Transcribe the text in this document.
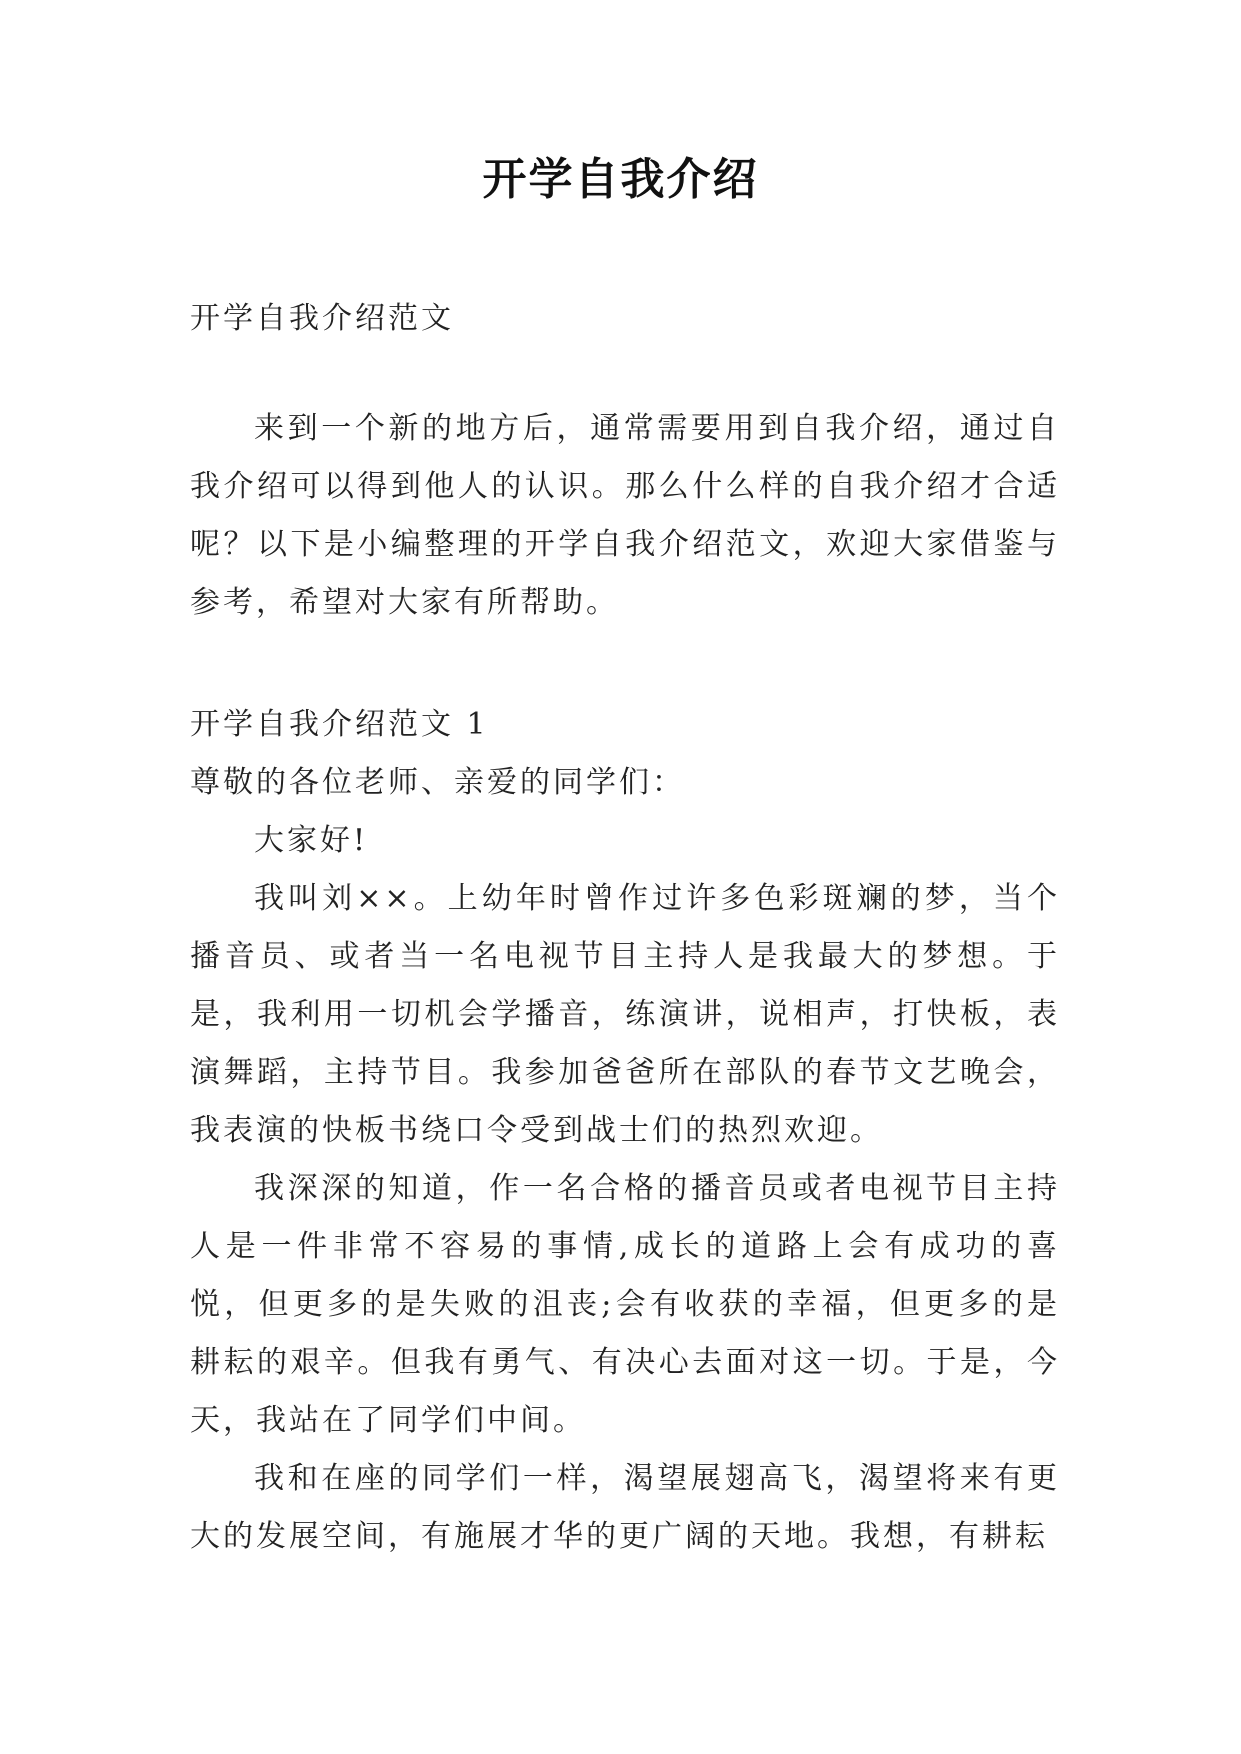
开学自我介绍
开学自我介绍范文
来到一个新的地方后，通常需要用到自我介绍，通过自我介绍可以得到他人的认识。那么什么样的自我介绍才合适呢？以下是小编整理的开学自我介绍范文，欢迎大家借鉴与参考，希望对大家有所帮助。

开学自我介绍范文 1

尊敬的各位老师、亲爱的同学们：

大家好!

我叫刘××。上幼年时曾作过许多色彩斑斓的梦，当个播音员、或者当一名电视节目主持人是我最大的梦想。于是，我利用一切机会学播音，练演讲，说相声，打快板，表演舞蹈，主持节目。我参加爸爸所在部队的春节文艺晚会，我表演的快板书绕口令受到战士们的热烈欢迎。

我深深的知道，作一名合格的播音员或者电视节目主持人是一件非常不容易的事情,成长的道路上会有成功的喜悦，但更多的是失败的沮丧;会有收获的幸福，但更多的是耕耘的艰辛。但我有勇气、有决心去面对这一切。于是，今天，我站在了同学们中间。

我和在座的同学们一样，渴望展翅高飞，渴望将来有更大的发展空间，有施展才华的更广阔的天地。我想，有耕耘
